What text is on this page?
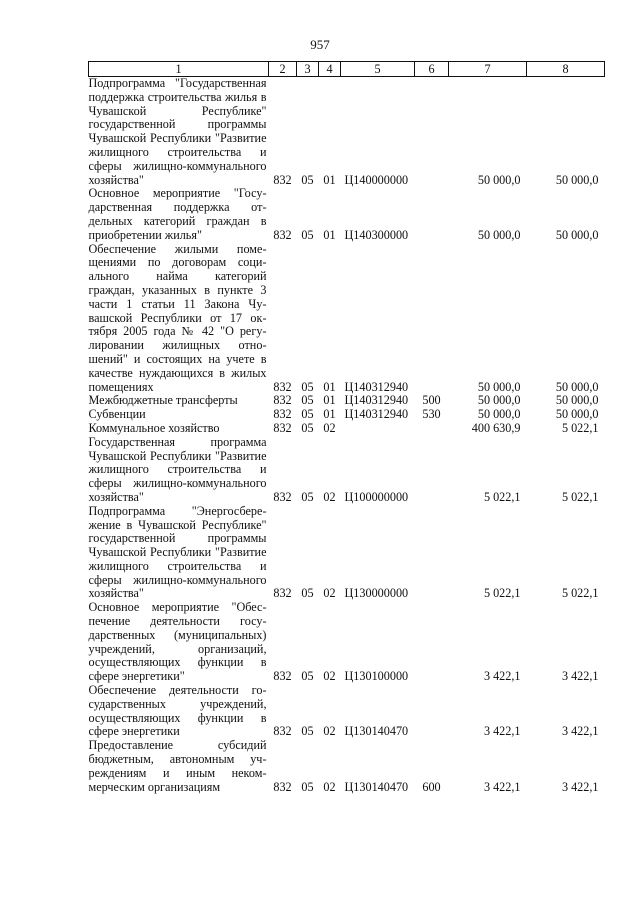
957
1	2	3	4	5	6	7	8
Подпрограмма "Государственная поддержка строительства жилья в Чувашской Республике" государственной программы Чувашской Республики "Развитие жилищного строительства и сферы жилищно-коммунального хозяйства"	832	05	01	Ц140000000		50 000,0	50 000,0
Основное мероприятие "Государственная поддержка отдельных категорий граждан в приобретении жилья"	832	05	01	Ц140300000		50 000,0	50 000,0
Обеспечение жилыми помещениями по договорам социального найма категорий граждан, указанных в пункте 3 части 1 статьи 11 Закона Чувашской Республики от 17 октября 2005 года № 42 "О регулировании жилищных отношений" и состоящих на учете в качестве нуждающихся в жилых помещениях	832	05	01	Ц140312940		50 000,0	50 000,0
Межбюджетные трансферты	832	05	01	Ц140312940	500	50 000,0	50 000,0
Субвенции	832	05	01	Ц140312940	530	50 000,0	50 000,0
Коммунальное хозяйство	832	05	02			400 630,9	5 022,1
Государственная программа Чувашской Республики "Развитие жилищного строительства и сферы жилищно-коммунального хозяйства"	832	05	02	Ц100000000		5 022,1	5 022,1
Подпрограмма "Энергосбережение в Чувашской Республике" государственной программы Чувашской Республики "Развитие жилищного строительства и сферы жилищно-коммунального хозяйства"	832	05	02	Ц130000000		5 022,1	5 022,1
Основное мероприятие "Обеспечение деятельности государственных (муниципальных) учреждений, организаций, осуществляющих функции в сфере энергетики"	832	05	02	Ц130100000		3 422,1	3 422,1
Обеспечение деятельности государственных учреждений, осуществляющих функции в сфере энергетики	832	05	02	Ц130140470		3 422,1	3 422,1
Предоставление субсидий бюджетным, автономным учреждениям и иным некоммерческим организациям	832	05	02	Ц130140470	600	3 422,1	3 422,1
